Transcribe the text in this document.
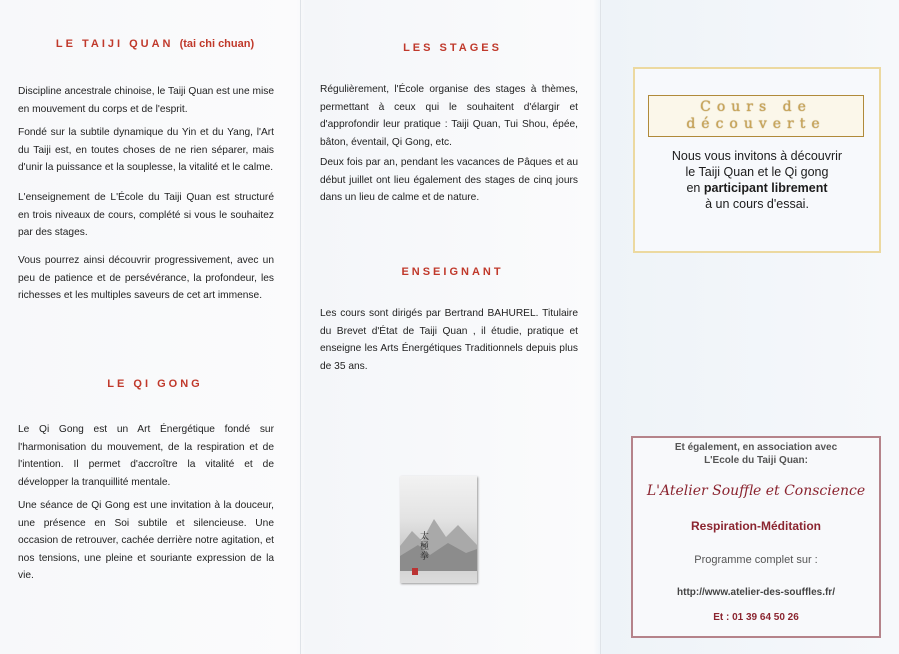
LE TAIJI QUAN (tai chi chuan)

Discipline ancestrale chinoise, le Taiji Quan est une mise en mouvement du corps et de l'esprit.

Fondé sur la subtile dynamique du Yin et du Yang, l'Art du Taiji est, en toutes choses de ne rien séparer, mais d'unir la puissance et la souplesse, la vitalité et le calme.

L'enseignement de L'École du Taiji Quan est structuré en trois niveaux de cours, complété si vous le souhaitez par des stages.

Vous pourrez ainsi découvrir progressivement, avec un peu de patience et de persévérance, la profondeur, les richesses et les multiples saveurs de cet art immense.

LE QI GONG

Le Qi Gong est un Art Énergétique fondé sur l'harmonisation du mouvement, de la respiration et de l'intention. Il permet d'accroître la vitalité et de développer la tranquillité mentale.

Une séance de Qi Gong est une invitation à la douceur, une présence en Soi subtile et silencieuse. Une occasion de retrouver, cachée derrière notre agitation, et nos tensions, une pleine et souriante expression de la vie.

LES STAGES

Régulièrement, l'École organise des stages à thèmes, permettant à ceux qui le souhaitent d'élargir et d'approfondir leur pratique : Taiji Quan, Tui Shou, épée, bâton, éventail, Qi Gong, etc.

Deux fois par an, pendant les vacances de Pâques et au début juillet ont lieu également des stages de cinq jours dans un lieu de calme et de nature.

ENSEIGNANT

Les cours sont dirigés par Bertrand BAHUREL. Titulaire du Brevet d'État de Taiji Quan , il étudie, pratique et enseigne les Arts Énergétiques Traditionnels depuis plus de 35 ans.

太極拳
Cours de
découverte
Nous vous invitons à découvrir
le Taiji Quan et le Qi gong
en participant librement
à un cours d'essai.
Et également, en association avec
L'Ecole du Taiji Quan:
L'Atelier Souffle et Conscience
Respiration-Méditation
Programme complet sur :
http://www.atelier-des-souffles.fr/
Et : 01 39 64 50 26
